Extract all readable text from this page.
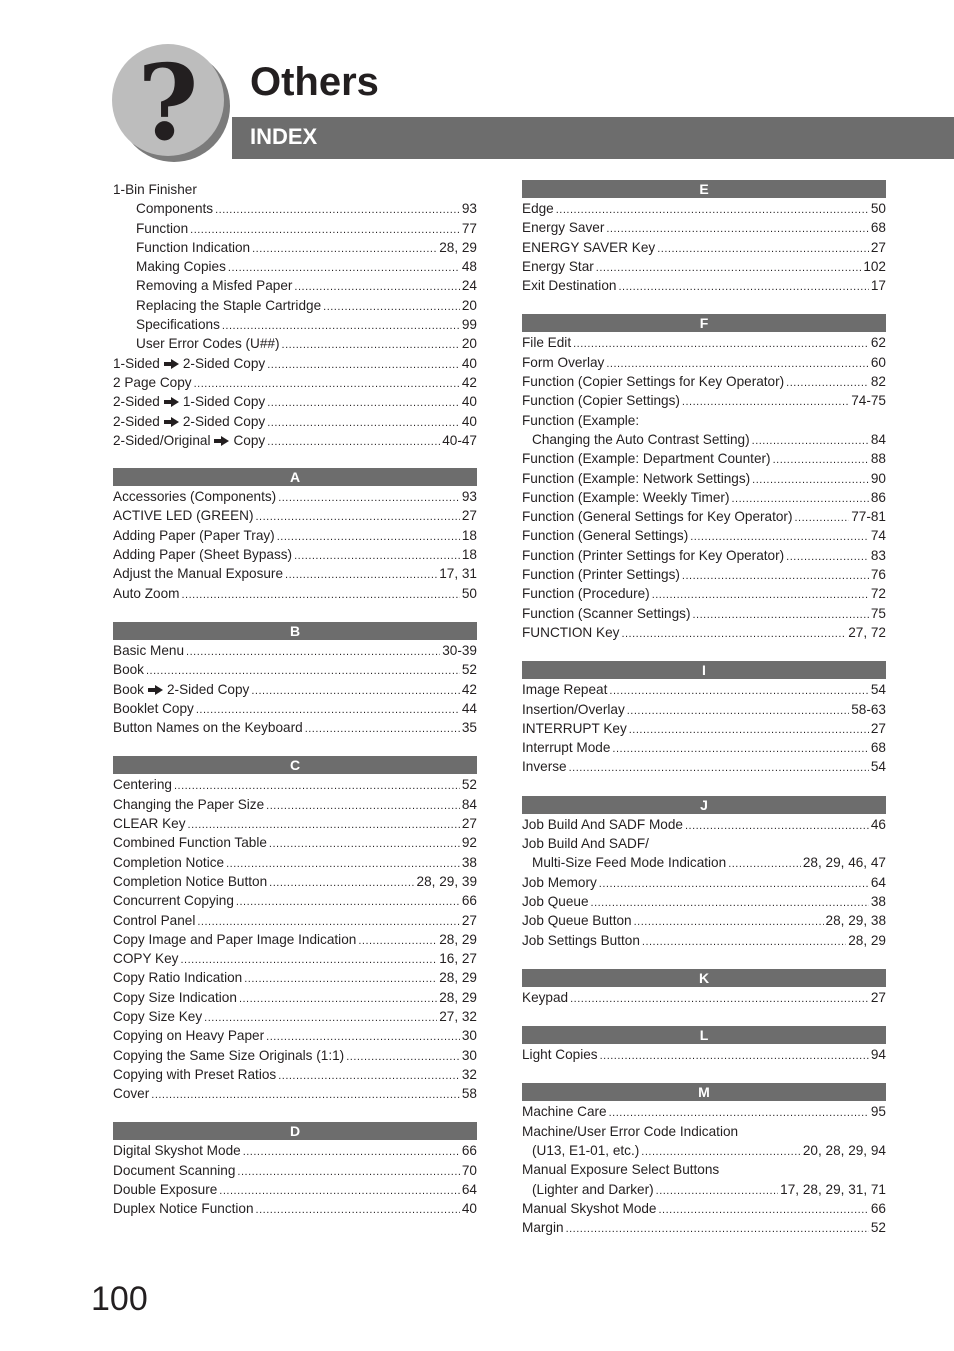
? Others
INDEX
1-Bin Finisher
Components .....	93
Function .....	77
Function Indication .....	28, 29
Making Copies .....	48
Removing a Misfed Paper .....	24
Replacing the Staple Cartridge .....	20
Specifications .....	99
User Error Codes (U##) .....	20
1-Sided 2-Sided Copy .....	40
2 Page Copy .....	42
2-Sided 1-Sided Copy .....	40
2-Sided 2-Sided Copy .....	40
2-Sided/Original Copy .....	40-47
A
Accessories (Components) .....	93
ACTIVE LED (GREEN) .....	27
Adding Paper (Paper Tray) .....	18
Adding Paper (Sheet Bypass) .....	18
Adjust the Manual Exposure .....	17, 31
Auto Zoom .....	50
B
Basic Menu .....	30-39
Book .....	52
Book 2-Sided Copy .....	42
Booklet Copy .....	44
Button Names on the Keyboard .....	35
C
Centering .....	52
Changing the Paper Size .....	84
CLEAR Key .....	27
Combined Function Table .....	92
Completion Notice .....	38
Completion Notice Button .....	28, 29, 39
Concurrent Copying .....	66
Control Panel .....	27
Copy Image and Paper Image Indication .....	28, 29
COPY Key .....	16, 27
Copy Ratio Indication .....	28, 29
Copy Size Indication .....	28, 29
Copy Size Key .....	27, 32
Copying on Heavy Paper .....	30
Copying the Same Size Originals (1:1) .....	30
Copying with Preset Ratios .....	32
Cover .....	58
D
Digital Skyshot Mode .....	66
Document Scanning .....	70
Double Exposure .....	64
Duplex Notice Function .....	40
E
Edge .....	50
Energy Saver .....	68
ENERGY SAVER Key .....	27
Energy Star .....	102
Exit Destination .....	17
F
File Edit .....	62
Form Overlay .....	60
Function (Copier Settings for Key Operator) .....	82
Function (Copier Settings) .....	74-75
Function (Example:
Changing the Auto Contrast Setting) .....	84
Function (Example: Department Counter) .....	88
Function (Example: Network Settings) .....	90
Function (Example: Weekly Timer) .....	86
Function (General Settings for Key Operator) .....	77-81
Function (General Settings) .....	74
Function (Printer Settings for Key Operator) .....	83
Function (Printer Settings) .....	76
Function (Procedure) .....	72
Function (Scanner Settings) .....	75
FUNCTION Key .....	27, 72
I
Image Repeat .....	54
Insertion/Overlay .....	58-63
INTERRUPT Key .....	27
Interrupt Mode .....	68
Inverse .....	54
J
Job Build And SADF Mode .....	46
Job Build And SADF/
Multi-Size Feed Mode Indication .....	28, 29, 46, 47
Job Memory .....	64
Job Queue .....	38
Job Queue Button .....	28, 29, 38
Job Settings Button .....	28, 29
K
Keypad .....	27
L
Light Copies .....	94
M
Machine Care .....	95
Machine/User Error Code Indication
(U13, E1-01, etc.) .....	20, 28, 29, 94
Manual Exposure Select Buttons
(Lighter and Darker) .....	17, 28, 29, 31, 71
Manual Skyshot Mode .....	66
Margin .....	52
100
